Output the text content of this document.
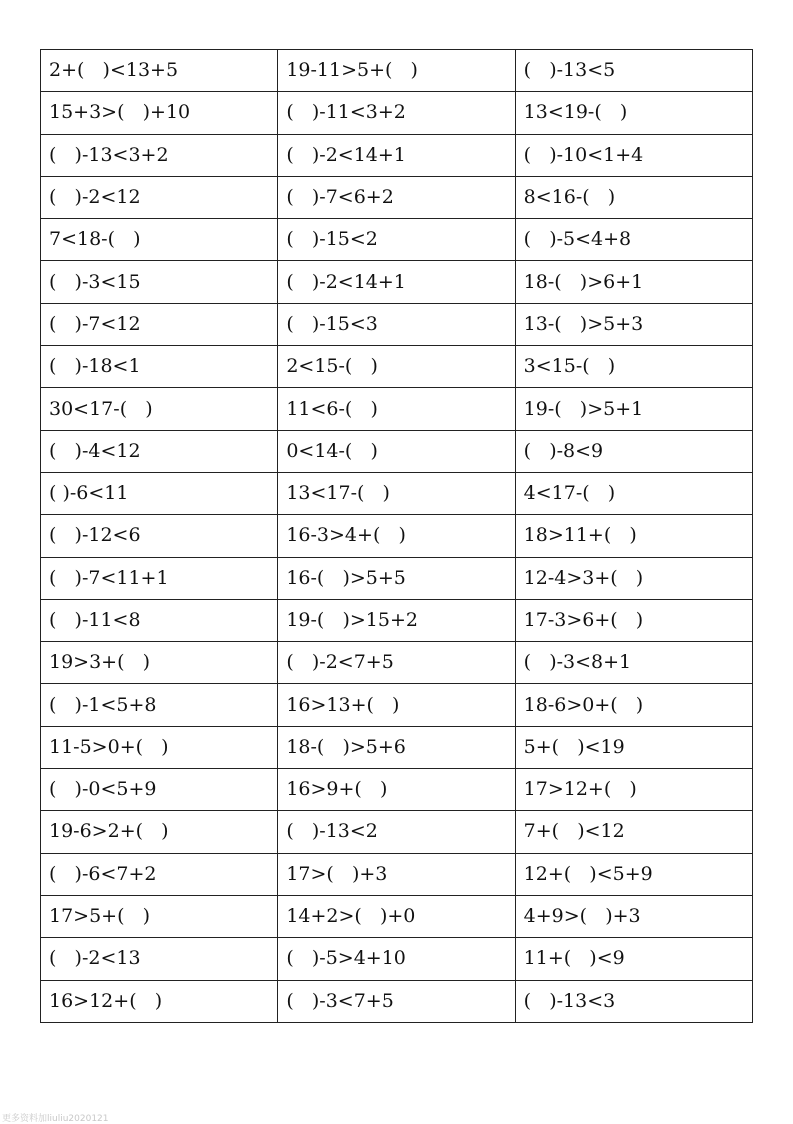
2+(   )<13+5	19-11>5+(   )	(   )-13<5
15+3>(   )+10	(   )-11<3+2	13<19-(   )
(   )-13<3+2	(   )-2<14+1	(   )-10<1+4
(   )-2<12	(   )-7<6+2	8<16-(   )
7<18-(   )	(   )-15<2	(   )-5<4+8
(   )-3<15	(   )-2<14+1	18-(   )>6+1
(   )-7<12	(   )-15<3	13-(   )>5+3
(   )-18<1	2<15-(   )	3<15-(   )
30<17-(   )	11<6-(   )	19-(   )>5+1
(   )-4<12	0<14-(   )	(   )-8<9
( )-6<11	13<17-(   )	4<17-(   )
(   )-12<6	16-3>4+(   )	18>11+(   )
(   )-7<11+1	16-(   )>5+5	12-4>3+(   )
(   )-11<8	19-(   )>15+2	17-3>6+(   )
19>3+(   )	(   )-2<7+5	(   )-3<8+1
(   )-1<5+8	16>13+(   )	18-6>0+(   )
11-5>0+(   )	18-(   )>5+6	5+(   )<19
(   )-0<5+9	16>9+(   )	17>12+(   )
19-6>2+(   )	(   )-13<2	7+(   )<12
(   )-6<7+2	17>(   )+3	12+(   )<5+9
17>5+(   )	14+2>(   )+0	4+9>(   )+3
(   )-2<13	(   )-5>4+10	11+(   )<9
16>12+(   )	(   )-3<7+5	(   )-13<3
更多资料加liuliu2020121
